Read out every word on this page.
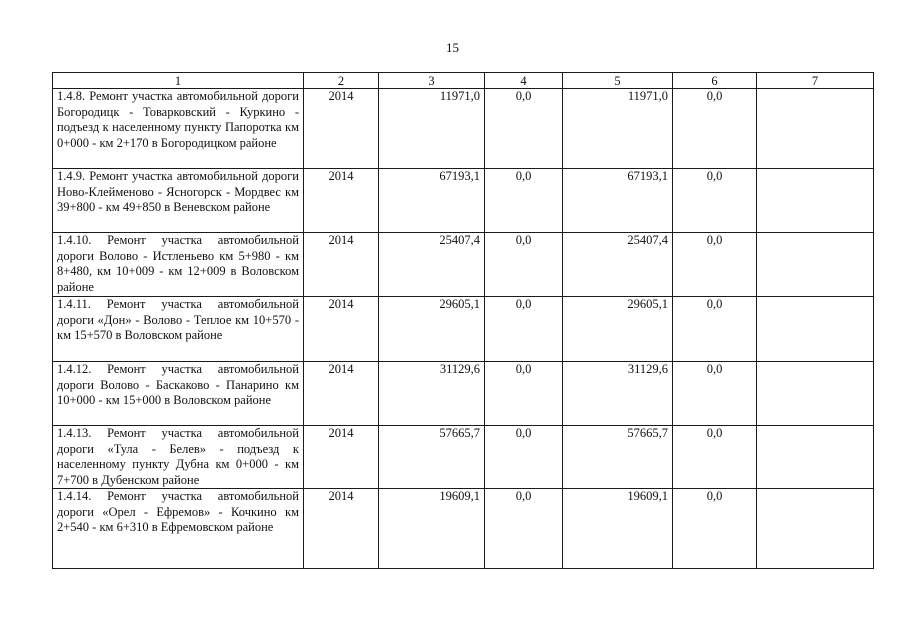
15
1	2	3	4	5	6	7
1.4.8. Ремонт участка автомобильной дороги Богородицк - Товарковский - Куркино - подъезд к населенному пункту Папоротка км 0+000 - км 2+170 в Богородицком районе	2014	11971,0	0,0	11971,0	0,0	
1.4.9. Ремонт участка автомобильной дороги Ново-Клейменово - Ясногорск - Мордвес км 39+800 - км 49+850 в Веневском районе	2014	67193,1	0,0	67193,1	0,0	
1.4.10. Ремонт участка автомобильной дороги Волово - Истленьево км 5+980 - км 8+480, км 10+009 - км 12+009 в Воловском районе	2014	25407,4	0,0	25407,4	0,0	
1.4.11. Ремонт участка автомобильной дороги «Дон» - Волово - Теплое км 10+570 - км 15+570 в Воловском районе	2014	29605,1	0,0	29605,1	0,0	
1.4.12. Ремонт участка автомобильной дороги Волово - Баскаково - Панарино км 10+000 - км 15+000 в Воловском районе	2014	31129,6	0,0	31129,6	0,0	
1.4.13. Ремонт участка автомобильной дороги «Тула - Белев» - подъезд к населенному пункту Дубна км 0+000 - км 7+700 в Дубенском районе	2014	57665,7	0,0	57665,7	0,0	
1.4.14. Ремонт участка автомобильной дороги «Орел - Ефремов» - Кочкино км 2+540 - км 6+310 в Ефремовском районе	2014	19609,1	0,0	19609,1	0,0	
